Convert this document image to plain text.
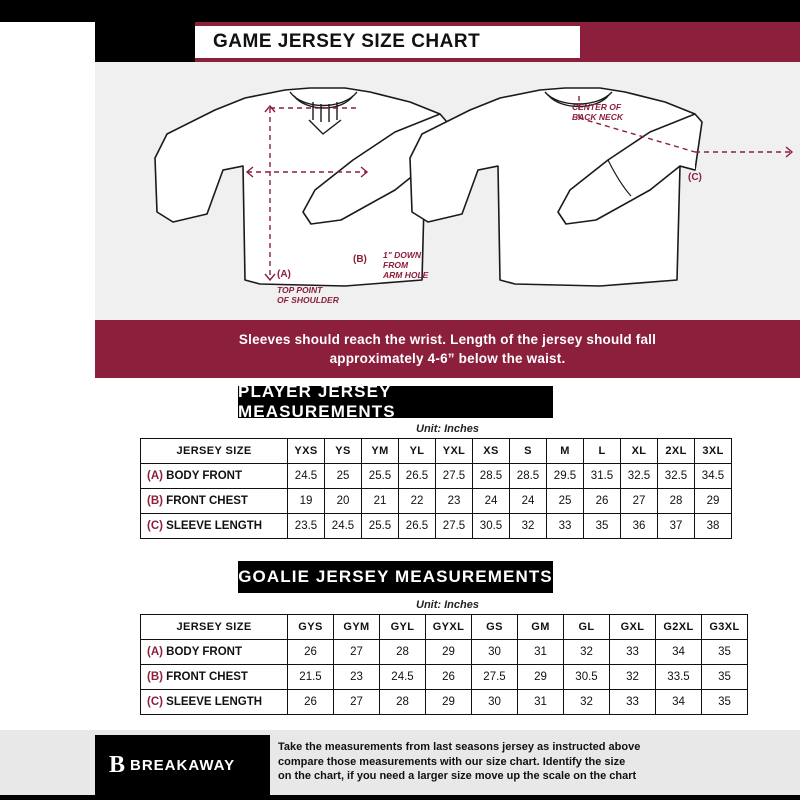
GAME JERSEY SIZE CHART
(A)
(B)
TOP POINT
OF SHOULDER
1" DOWN
FROM
ARM HOLE
(C)
CENTER OF
BACK NECK

Sleeves should reach the wrist. Length of the jersey should fall
approximately 4-6” below the waist.

PLAYER JERSEY MEASUREMENTS
Unit: Inches
JERSEY SIZE	YXS	YS	YM	YL	YXL	XS	S	M	L	XL	2XL	3XL
(A) BODY FRONT	24.5	25	25.5	26.5	27.5	28.5	28.5	29.5	31.5	32.5	32.5	34.5
(B) FRONT CHEST	19	20	21	22	23	24	24	25	26	27	28	29
(C) SLEEVE LENGTH	23.5	24.5	25.5	26.5	27.5	30.5	32	33	35	36	37	38
GOALIE JERSEY MEASUREMENTS
Unit: Inches
JERSEY SIZE	GYS	GYM	GYL	GYXL	GS	GM	GL	GXL	G2XL	G3XL
(A) BODY FRONT	26	27	28	29	30	31	32	33	34	35
(B) FRONT CHEST	21.5	23	24.5	26	27.5	29	30.5	32	33.5	35
(C) SLEEVE LENGTH	26	27	28	29	30	31	32	33	34	35
B BREAKAWAY
Take the measurements from last seasons jersey as instructed above
compare those measurements with our size chart. Identify the size
on the chart, if you need a larger size move up the scale on the chart
